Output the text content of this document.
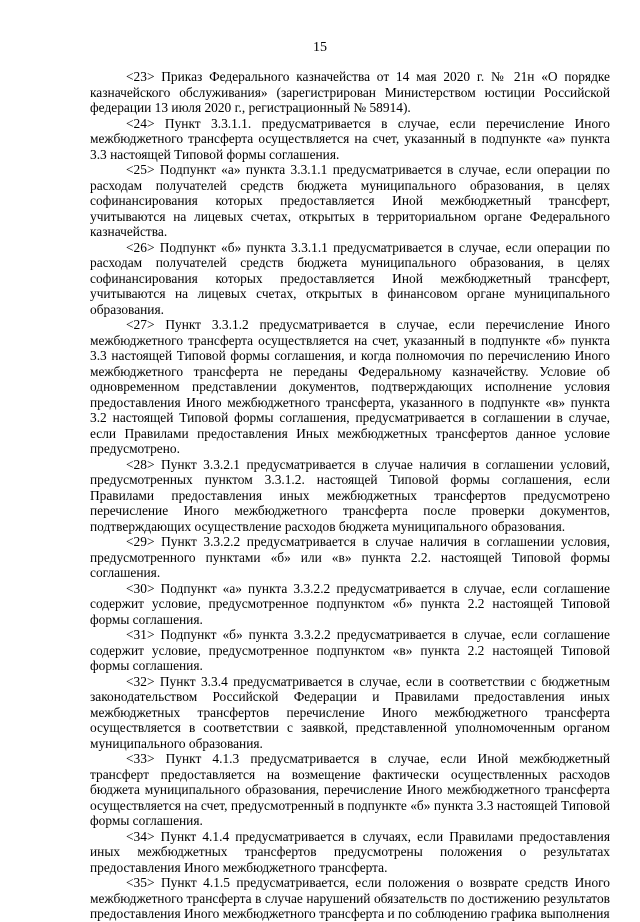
15

<23> Приказ Федерального казначейства от 14 мая 2020 г. № 21н «О порядке казначейского обслуживания» (зарегистрирован Министерством юстиции Российской федерации 13 июля 2020 г., регистрационный № 58914).

<24> Пункт 3.3.1.1. предусматривается в случае, если перечисление Иного межбюджетного трансферта осуществляется на счет, указанный в подпункте «а» пункта 3.3 настоящей Типовой формы соглашения.

<25> Подпункт «а» пункта 3.3.1.1 предусматривается в случае, если операции по расходам получателей средств бюджета муниципального образования, в целях софинансирования которых предоставляется Иной межбюджетный трансферт, учитываются на лицевых счетах, открытых в территориальном органе Федерального казначейства.

<26> Подпункт «б» пункта 3.3.1.1 предусматривается в случае, если операции по расходам получателей средств бюджета муниципального образования, в целях софинансирования которых предоставляется Иной межбюджетный трансферт, учитываются на лицевых счетах, открытых в финансовом органе муниципального образования.

<27> Пункт 3.3.1.2 предусматривается в случае, если перечисление Иного межбюджетного трансферта осуществляется на счет, указанный в подпункте «б» пункта 3.3 настоящей Типовой формы соглашения, и когда полномочия по перечислению Иного межбюджетного трансферта не переданы Федеральному казначейству. Условие об одновременном представлении документов, подтверждающих исполнение условия предоставления Иного межбюджетного трансферта, указанного в подпункте «в» пункта 3.2 настоящей Типовой формы соглашения, предусматривается в соглашении в случае, если Правилами предоставления Иных межбюджетных трансфертов данное условие предусмотрено.

<28> Пункт 3.3.2.1 предусматривается в случае наличия в соглашении условий, предусмотренных пунктом 3.3.1.2. настоящей Типовой формы соглашения, если Правилами предоставления иных межбюджетных трансфертов предусмотрено перечисление Иного межбюджетного трансферта после проверки документов, подтверждающих осуществление расходов бюджета муниципального образования.

<29> Пункт 3.3.2.2 предусматривается в случае наличия в соглашении условия, предусмотренного пунктами «б» или «в» пункта 2.2. настоящей Типовой формы соглашения.

<30> Подпункт «а» пункта 3.3.2.2 предусматривается в случае, если соглашение содержит условие, предусмотренное подпунктом «б» пункта 2.2 настоящей Типовой формы соглашения.

<31> Подпункт «б» пункта 3.3.2.2 предусматривается в случае, если соглашение содержит условие, предусмотренное подпунктом «в» пункта 2.2 настоящей Типовой формы соглашения.

<32> Пункт 3.3.4 предусматривается в случае, если в соответствии с бюджетным законодательством Российской Федерации и Правилами предоставления иных межбюджетных трансфертов перечисление Иного межбюджетного трансферта осуществляется в соответствии с заявкой, представленной уполномоченным органом муниципального образования.

<33> Пункт 4.1.3 предусматривается в случае, если Иной межбюджетный трансферт предоставляется на возмещение фактически осуществленных расходов бюджета муниципального образования, перечисление Иного межбюджетного трансферта осуществляется на счет, предусмотренный в подпункте «б» пункта 3.3 настоящей Типовой формы соглашения.

<34> Пункт 4.1.4 предусматривается в случаях, если Правилами предоставления иных межбюджетных трансфертов предусмотрены положения о результатах предоставления Иного межбюджетного трансферта.

<35> Пункт 4.1.5 предусматривается, если положения о возврате средств Иного межбюджетного трансферта в случае нарушений обязательств по достижению результатов предоставления Иного межбюджетного трансферта и по соблюдению графика выполнения
